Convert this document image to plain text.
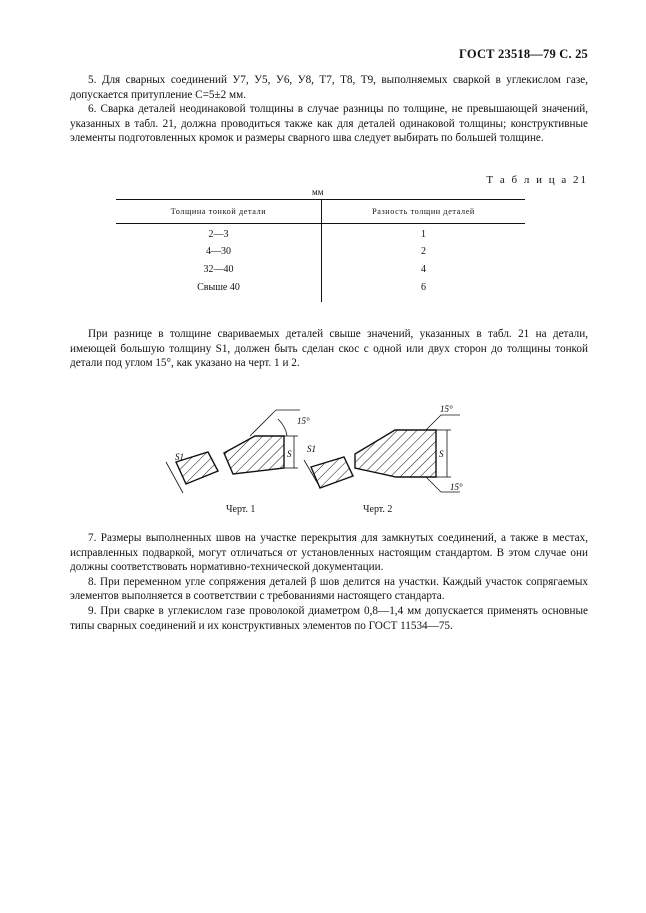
ГОСТ 23518—79 С. 25

5. Для сварных соединений У7, У5, У6, У8, Т7, Т8, Т9, выполняемых сваркой в углекислом газе, допускается притупление С=5±2 мм.

6. Сварка деталей неодинаковой толщины в случае разницы по толщине, не превышающей значений, указанных в табл. 21, должна проводиться также как для деталей одинаковой толщины; конструктивные элементы подготовленных кромок и размеры сварного шва следует выбирать по большей толщине.

Т а б л и ц а 21
мм
Толщина тонкой детали	Разность толщин деталей
2—3	1
4—30	2
32—40	4
Свыше 40	6

При разнице в толщине свариваемых деталей свыше значений, указанных в табл. 21 на детали, имеющей большую толщину S1, должен быть сделан скос с одной или двух сторон до толщины тонкой детали под углом 15°, как указано на черт. 1 и 2.

S1	S
15°
S1	S
15°
15°
Черт. 1	Черт. 2

7. Размеры выполненных швов на участке перекрытия для замкнутых соединений, а также в местах, исправленных подваркой, могут отличаться от установленных настоящим стандартом. В этом случае они должны соответствовать нормативно-технической документации.

8. При переменном угле сопряжения деталей β шов делится на участки. Каждый участок сопрягаемых элементов выполняется в соответствии с требованиями настоящего стандарта.

9. При сварке в углекислом газе проволокой диаметром 0,8—1,4 мм допускается применять основные типы сварных соединений и их конструктивных элементов по ГОСТ 11534—75.
